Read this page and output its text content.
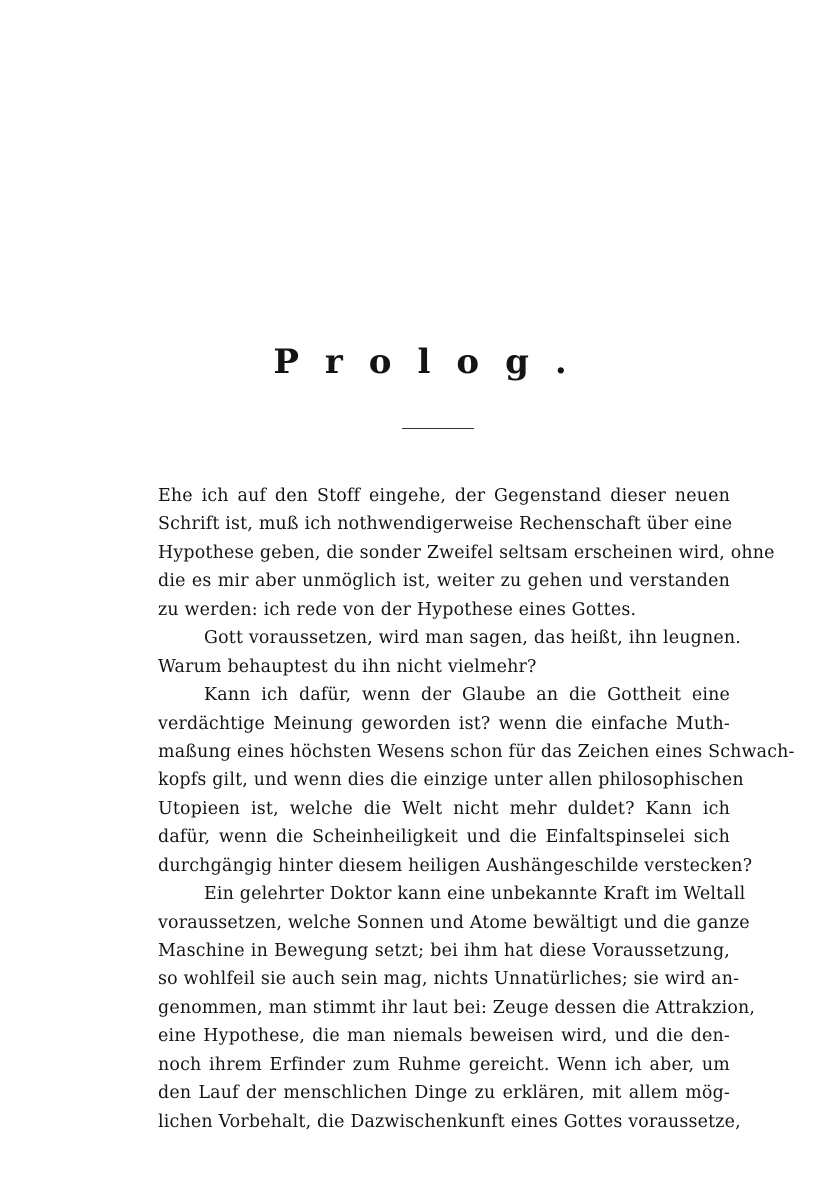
Prolog.
Ehe ich auf den Stoff eingehe, der Gegenstand dieser neuen
Schrift ist, muß ich nothwendigerweise Rechenschaft über eine
Hypothese geben, die sonder Zweifel seltsam erscheinen wird, ohne
die es mir aber unmöglich ist, weiter zu gehen und verstanden
zu werden: ich rede von der Hypothese eines Gottes.
Gott voraussetzen, wird man sagen, das heißt, ihn leugnen.
Warum behauptest du ihn nicht vielmehr?
Kann ich dafür, wenn der Glaube an die Gottheit eine
verdächtige Meinung geworden ist? wenn die einfache Muth-
maßung eines höchsten Wesens schon für das Zeichen eines Schwach-
kopfs gilt, und wenn dies die einzige unter allen philosophischen
Utopieen ist, welche die Welt nicht mehr duldet? Kann ich
dafür, wenn die Scheinheiligkeit und die Einfaltspinselei sich
durchgängig hinter diesem heiligen Aushängeschilde verstecken?
Ein gelehrter Doktor kann eine unbekannte Kraft im Weltall
voraussetzen, welche Sonnen und Atome bewältigt und die ganze
Maschine in Bewegung setzt; bei ihm hat diese Voraussetzung,
so wohlfeil sie auch sein mag, nichts Unnatürliches; sie wird an-
genommen, man stimmt ihr laut bei: Zeuge dessen die Attrakzion,
eine Hypothese, die man niemals beweisen wird, und die den-
noch ihrem Erfinder zum Ruhme gereicht. Wenn ich aber, um
den Lauf der menschlichen Dinge zu erklären, mit allem mög-
lichen Vorbehalt, die Dazwischenkunft eines Gottes voraussetze,
